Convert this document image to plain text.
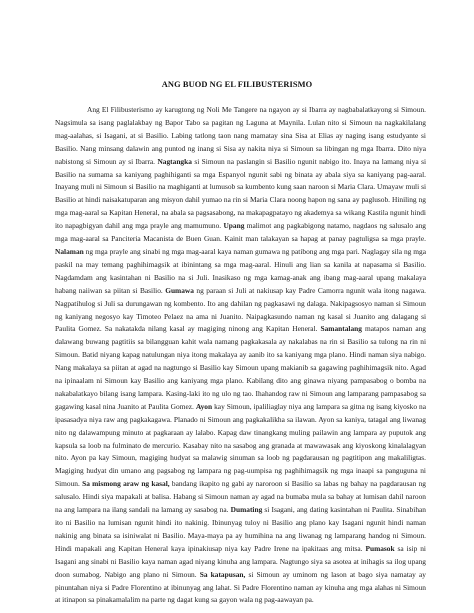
ANG BUOD NG EL FILIBUSTERISMO

Ang El Filibusterismo ay karugtong ng Noli Me Tangere na ngayon ay si Ibarra ay nagbabalatkayong si Simoun. Nagsimula sa isang paglalakbay ng Bapor Tabo sa pagitan ng Laguna at Maynila. Lulan nito si Simoun na nagkakilalang mag-aalahas, si Isagani, at si Basilio. Labing tatlong taon nang mamatay sina Sisa at Elias ay naging isang estudyante si Basilio. Nang minsang dalawin ang puntod ng inang si Sisa ay nakita niya si Simoun sa libingan ng mga Ibarra. Dito niya nabistong si Simoun ay si Ibarra. Nagtangka si Simoun na paslangin si Basilio ngunit nabigo ito. Inaya na lamang niya si Basilio na sumama sa kaniyang paghihiganti sa mga Espanyol ngunit sabi ng binata ay abala siya sa kaniyang pag-aaral. Inayang muli ni Simoun si Basilio na maghiganti at lumusob sa kumbento kung saan naroon si Maria Clara. Umayaw muli si Basilio at hindi naisakatuparan ang misyon dahil yumao na rin si Maria Clara noong hapon ng sana ay paglusob. Hiniling ng mga mag-aaral sa Kapitan Heneral, na abala sa pagsasabong, na makapagpatayo ng akademya sa wikang Kastila ngunit hindi ito napagbigyan dahil ang mga prayle ang mamumuno. Upang malimot ang pagkabigong natamo, nagdaos ng salusalo ang mga mag-aaral sa Panciteria Macanista de Buen Guan. Kainit man talakayan sa hapag at panay pagtuligsa sa mga prayle. Nalaman ng mga prayle ang sinabi ng mga mag-aaral kaya naman gumawa ng patibong ang mga pari. Naglagay sila ng mga paskil na may temang paghihimagsik at ibinintang sa mga mag-aaral. Hinuli ang lian sa kanila at napasama si Basilio. Nagdamdam ang kasintahan ni Basilio na si Juli. Inasikaso ng mga kamag-anak ang ibang mag-aaral upang makalaya habang naiiwan sa piitan si Basilio. Gumawa ng paraan si Juli at nakiusap kay Padre Camorra ngunit wala itong nagawa. Nagpatihulog si Juli sa durungawan ng kombento. Ito ang dahilan ng pagkasawi ng dalaga. Nakipagsosyo naman si Simoun ng kaniyang negosyo kay Timoteo Pelaez na ama ni Juanito. Naipagkasundo naman ng kasal si Juanito ang dalagang si Paulita Gomez. Sa nakatakda nilang kasal ay magiging ninong ang Kapitan Heneral. Samantalang matapos naman ang dalawang buwang pagtitiis sa bilangguan kahit wala namang pagkakasala ay nakalabas na rin si Basilio sa tulong na rin ni Simoun. Batid niyang kapag natulungan niya itong makalaya ay aanib ito sa kaniyang mga plano. Hindi naman siya nabigo. Nang makalaya sa piitan at agad na nagtungo si Basilio kay Simoun upang makianib sa gagawing paghihimagsik nito. Agad na ipinaalam ni Simoun kay Basilio ang kaniyang mga plano. Kabilang dito ang ginawa niyang pampasabog o bomba na nakabalatkayo bilang isang lampara. Kasing-laki ito ng ulo ng tao. Ihahandog raw ni Simoun ang lamparang pampasabog sa gagawing kasal nina Juanito at Paulita Gomez. Ayon kay Simoun, ipaliliaglay niya ang lampara sa gitna ng isang kiyosko na ipasasadya niya raw ang pagkakagawa. Planado ni Simoun ang pagkakalikha sa ilawan. Ayon sa kaniya, tatagal ang liwanag nito ng dalawampung minuto at pagkaraan ay lalabo. Kapag daw tinangkang muling pailawin ang lampara ay puputok ang kapsula sa loob na fulminato de mercurio. Kasabay nito na sasabog ang granada at mawawasak ang kiyoskong kinalalagyan nito. Ayon pa kay Simoun, magiging hudyat sa malawig sinuman sa loob ng pagdarausan ng pagtitipon ang makaliligtas. Magiging hudyat din umano ang pagsabog ng lampara ng pag-uumpisa ng paghihimagsik ng mga inaapi sa panguguna ni Simoun. Sa mismong araw ng kasal, bandang ikapito ng gabi ay naroroon si Basilio sa labas ng bahay na pagdarausan ng salusalo. Hindi siya mapakali at balisa. Habang si Simoun naman ay agad na bumaba mula sa bahay at lumisan dahil naroon na ang lampara na ilang sandali na lamang ay sasabog na. Dumating si Isagani, ang dating kasintahan ni Paulita. Sinabihan ito ni Basilio na lumisan ngunit hindi ito nakinig. Ibinunyag tuloy ni Basilio ang plano kay Isagani ngunit hindi naman nakinig ang binata sa isiniwalat ni Basilio. Maya-maya pa ay humihina na ang liwanag ng lamparang handog ni Simoun. Hindi mapakali ang Kapitan Heneral kaya ipinakiusap niya kay Padre Irene na ipakitaas ang mitsa. Pumasok sa isip ni Isagani ang sinabi ni Basilio kaya naman agad niyang kinuha ang lampara. Nagtungo siya sa asotea at inihagis sa ilog upang doon sumabog. Nabigo ang plano ni Simoun. Sa katapusan, si Simoun ay uminom ng lason at bago siya namatay ay pinuntahan niya si Padre Florentino at ibinunyag ang lahat. Si Padre Florentino naman ay kinuha ang mga alahas ni Simoun at itinapon sa pinakamalalim na parte ng dagat kung sa gayon wala ng pag-aawayan pa.
